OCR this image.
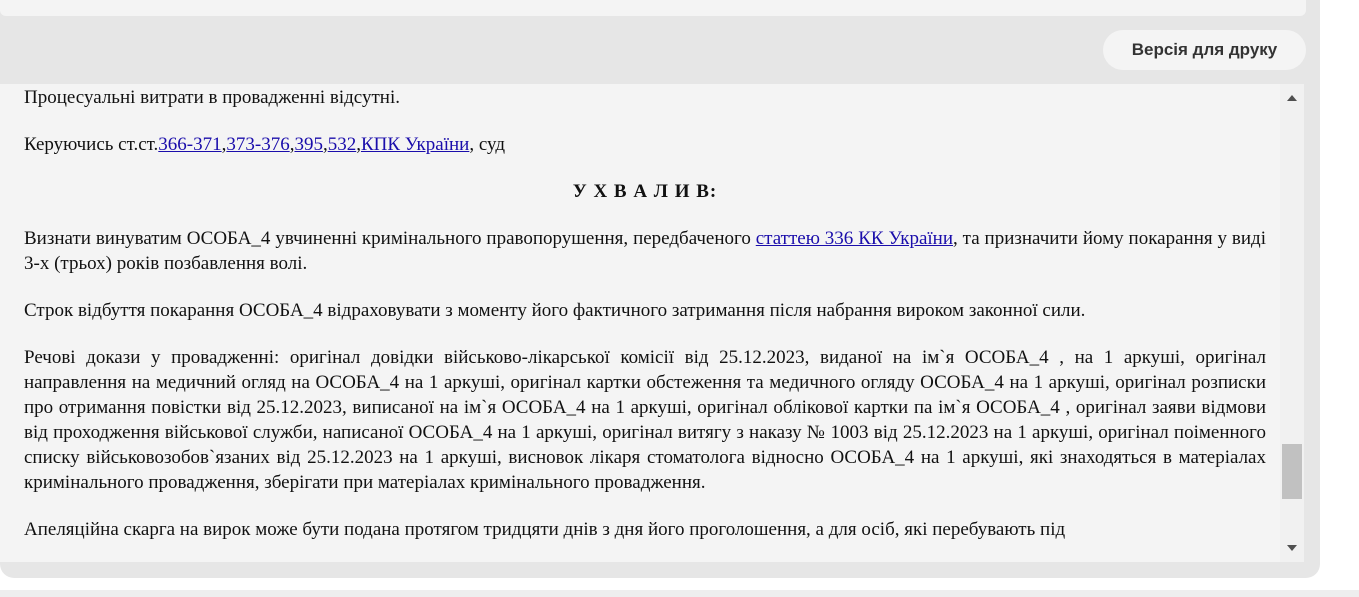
Версія для друку

Процесуальні витрати в провадженні відсутні.

Керуючись ст.ст.366-371,373-376,395,532,КПК України, суд

У Х В А Л И В:

Визнати винуватим ОСОБА_4 увчиненні кримінального правопорушення, передбаченого статтею 336 КК України, та призначити йому покарання у виді 3-х (трьох) років позбавлення волі.

Строк відбуття покарання ОСОБА_4 відраховувати з моменту його фактичного затримання після набрання вироком законної сили.

Речові докази у провадженні: оригінал довідки військово-лікарської комісії від 25.12.2023, виданої на ім`я ОСОБА_4 , на 1 аркуші, оригінал направлення на медичний огляд на ОСОБА_4 на 1 аркуші, оригінал картки обстеження та медичного огляду ОСОБА_4 на 1 аркуші, оригінал розписки про отримання повістки від 25.12.2023, виписаної на ім`я ОСОБА_4 на 1 аркуші, оригінал облікової картки па ім`я ОСОБА_4 , оригінал заяви відмови від проходження військової служби, написаної ОСОБА_4 на 1 аркуші, оригінал витягу з наказу № 1003 від 25.12.2023 на 1 аркуші, оригінал поіменного списку військовозобов`язаних від 25.12.2023 на 1 аркуші, висновок лікаря стоматолога відносно ОСОБА_4 на 1 аркуші, які знаходяться в матеріалах кримінального провадження, зберігати при матеріалах кримінального провадження.

Апеляційна скарга на вирок може бути подана протягом тридцяти днів з дня його проголошення, а для осіб, які перебувають під
